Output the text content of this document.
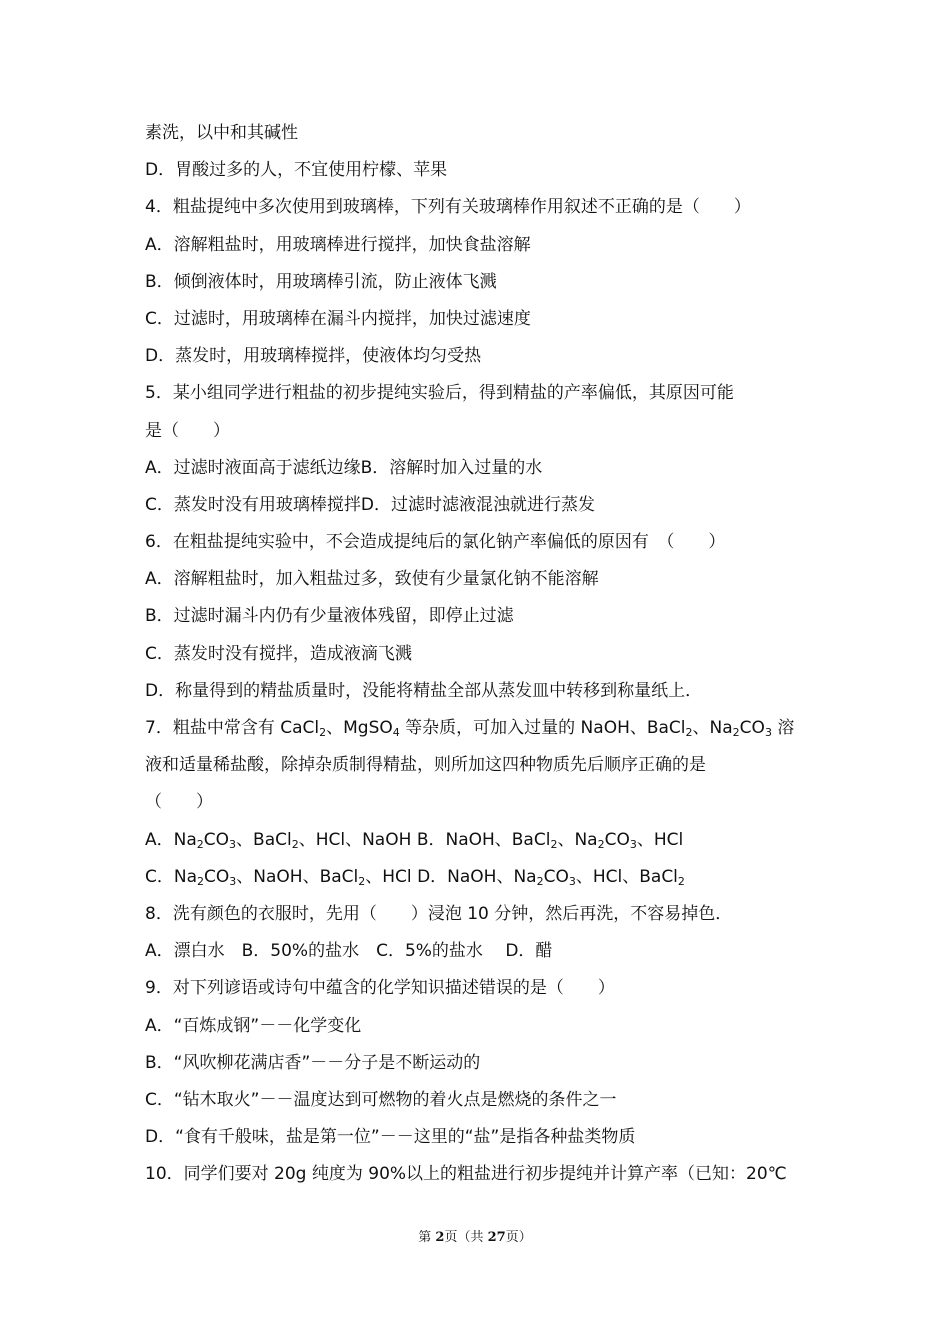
素洗，以中和其碱性
D．胃酸过多的人，不宜使用柠檬、苹果
4．粗盐提纯中多次使用到玻璃棒，下列有关玻璃棒作用叙述不正确的是（　　）
A．溶解粗盐时，用玻璃棒进行搅拌，加快食盐溶解
B．倾倒液体时，用玻璃棒引流，防止液体飞溅
C．过滤时，用玻璃棒在漏斗内搅拌，加快过滤速度
D．蒸发时，用玻璃棒搅拌，使液体均匀受热
5．某小组同学进行粗盐的初步提纯实验后，得到精盐的产率偏低，其原因可能
是（　　）
A．过滤时液面高于滤纸边缘B．溶解时加入过量的水
C．蒸发时没有用玻璃棒搅拌D．过滤时滤液混浊就进行蒸发
6．在粗盐提纯实验中，不会造成提纯后的氯化钠产率偏低的原因有　（　　）
A．溶解粗盐时，加入粗盐过多，致使有少量氯化钠不能溶解
B．过滤时漏斗内仍有少量液体残留，即停止过滤
C．蒸发时没有搅拌，造成液滴飞溅
D．称量得到的精盐质量时，没能将精盐全部从蒸发皿中转移到称量纸上．
7．粗盐中常含有 CaCl$_2$、MgSO$_4$ 等杂质，可加入过量的 NaOH、BaCl$_2$、$Na_2CO_3$ 溶
液和适量稀盐酸，除掉杂质制得精盐，则所加这四种物质先后顺序正确的是
（　　）
A．$Na_2CO_3$、BaCl$_2$、HCl、NaOH B．NaOH、BaCl$_2$、$Na_2CO_3$、HCl
C．$Na_2CO_3$、NaOH、BaCl$_2$、HCl D．NaOH、$Na_2CO_3$、HCl、BaCl$_2$
8．洗有颜色的衣服时，先用（　　）浸泡 10 分钟，然后再洗，不容易掉色．
A．漂白水　B．50%的盐水　C．5%的盐水　 D．醋
9．对下列谚语或诗句中蕴含的化学知识描述错误的是（　　）
A．“百炼成钢”－－化学变化
B．“风吹柳花满店香”－－分子是不断运动的
C．“钻木取火”－－温度达到可燃物的着火点是燃烧的条件之一
D．“食有千般味，盐是第一位”－－这里的“盐”是指各种盐类物质
10．同学们要对 20g 纯度为 90%以上的粗盐进行初步提纯并计算产率（已知：20℃
第 2页（共 27页）
